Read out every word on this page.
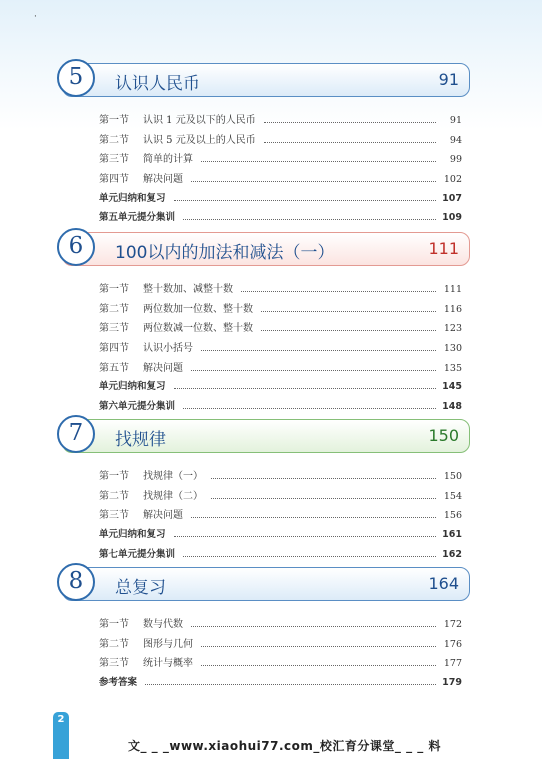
·
5	认识人民币	91
第一节 认识 1 元及以下的人民币	91
第二节 认识 5 元及以上的人民币	94
第三节 简单的计算	99
第四节 解决问题	102
单元归纳和复习	107
第五单元提分集训	109
6	100以内的加法和减法（一）	111
第一节 整十数加、减整十数	111
第二节 两位数加一位数、整十数	116
第三节 两位数减一位数、整十数	123
第四节 认识小括号	130
第五节 解决问题	135
单元归纳和复习	145
第六单元提分集训	148
7	找规律	150
第一节 找规律（一）	150
第二节 找规律（二）	154
第三节 解决问题	156
单元归纳和复习	161
第七单元提分集训	162
8	总复习	164
第一节 数与代数	172
第二节 图形与几何	176
第三节 统计与概率	177
参考答案	179
2
文_ _ _www.xiaohui77.com_校汇育分课堂_ _ _ 料
